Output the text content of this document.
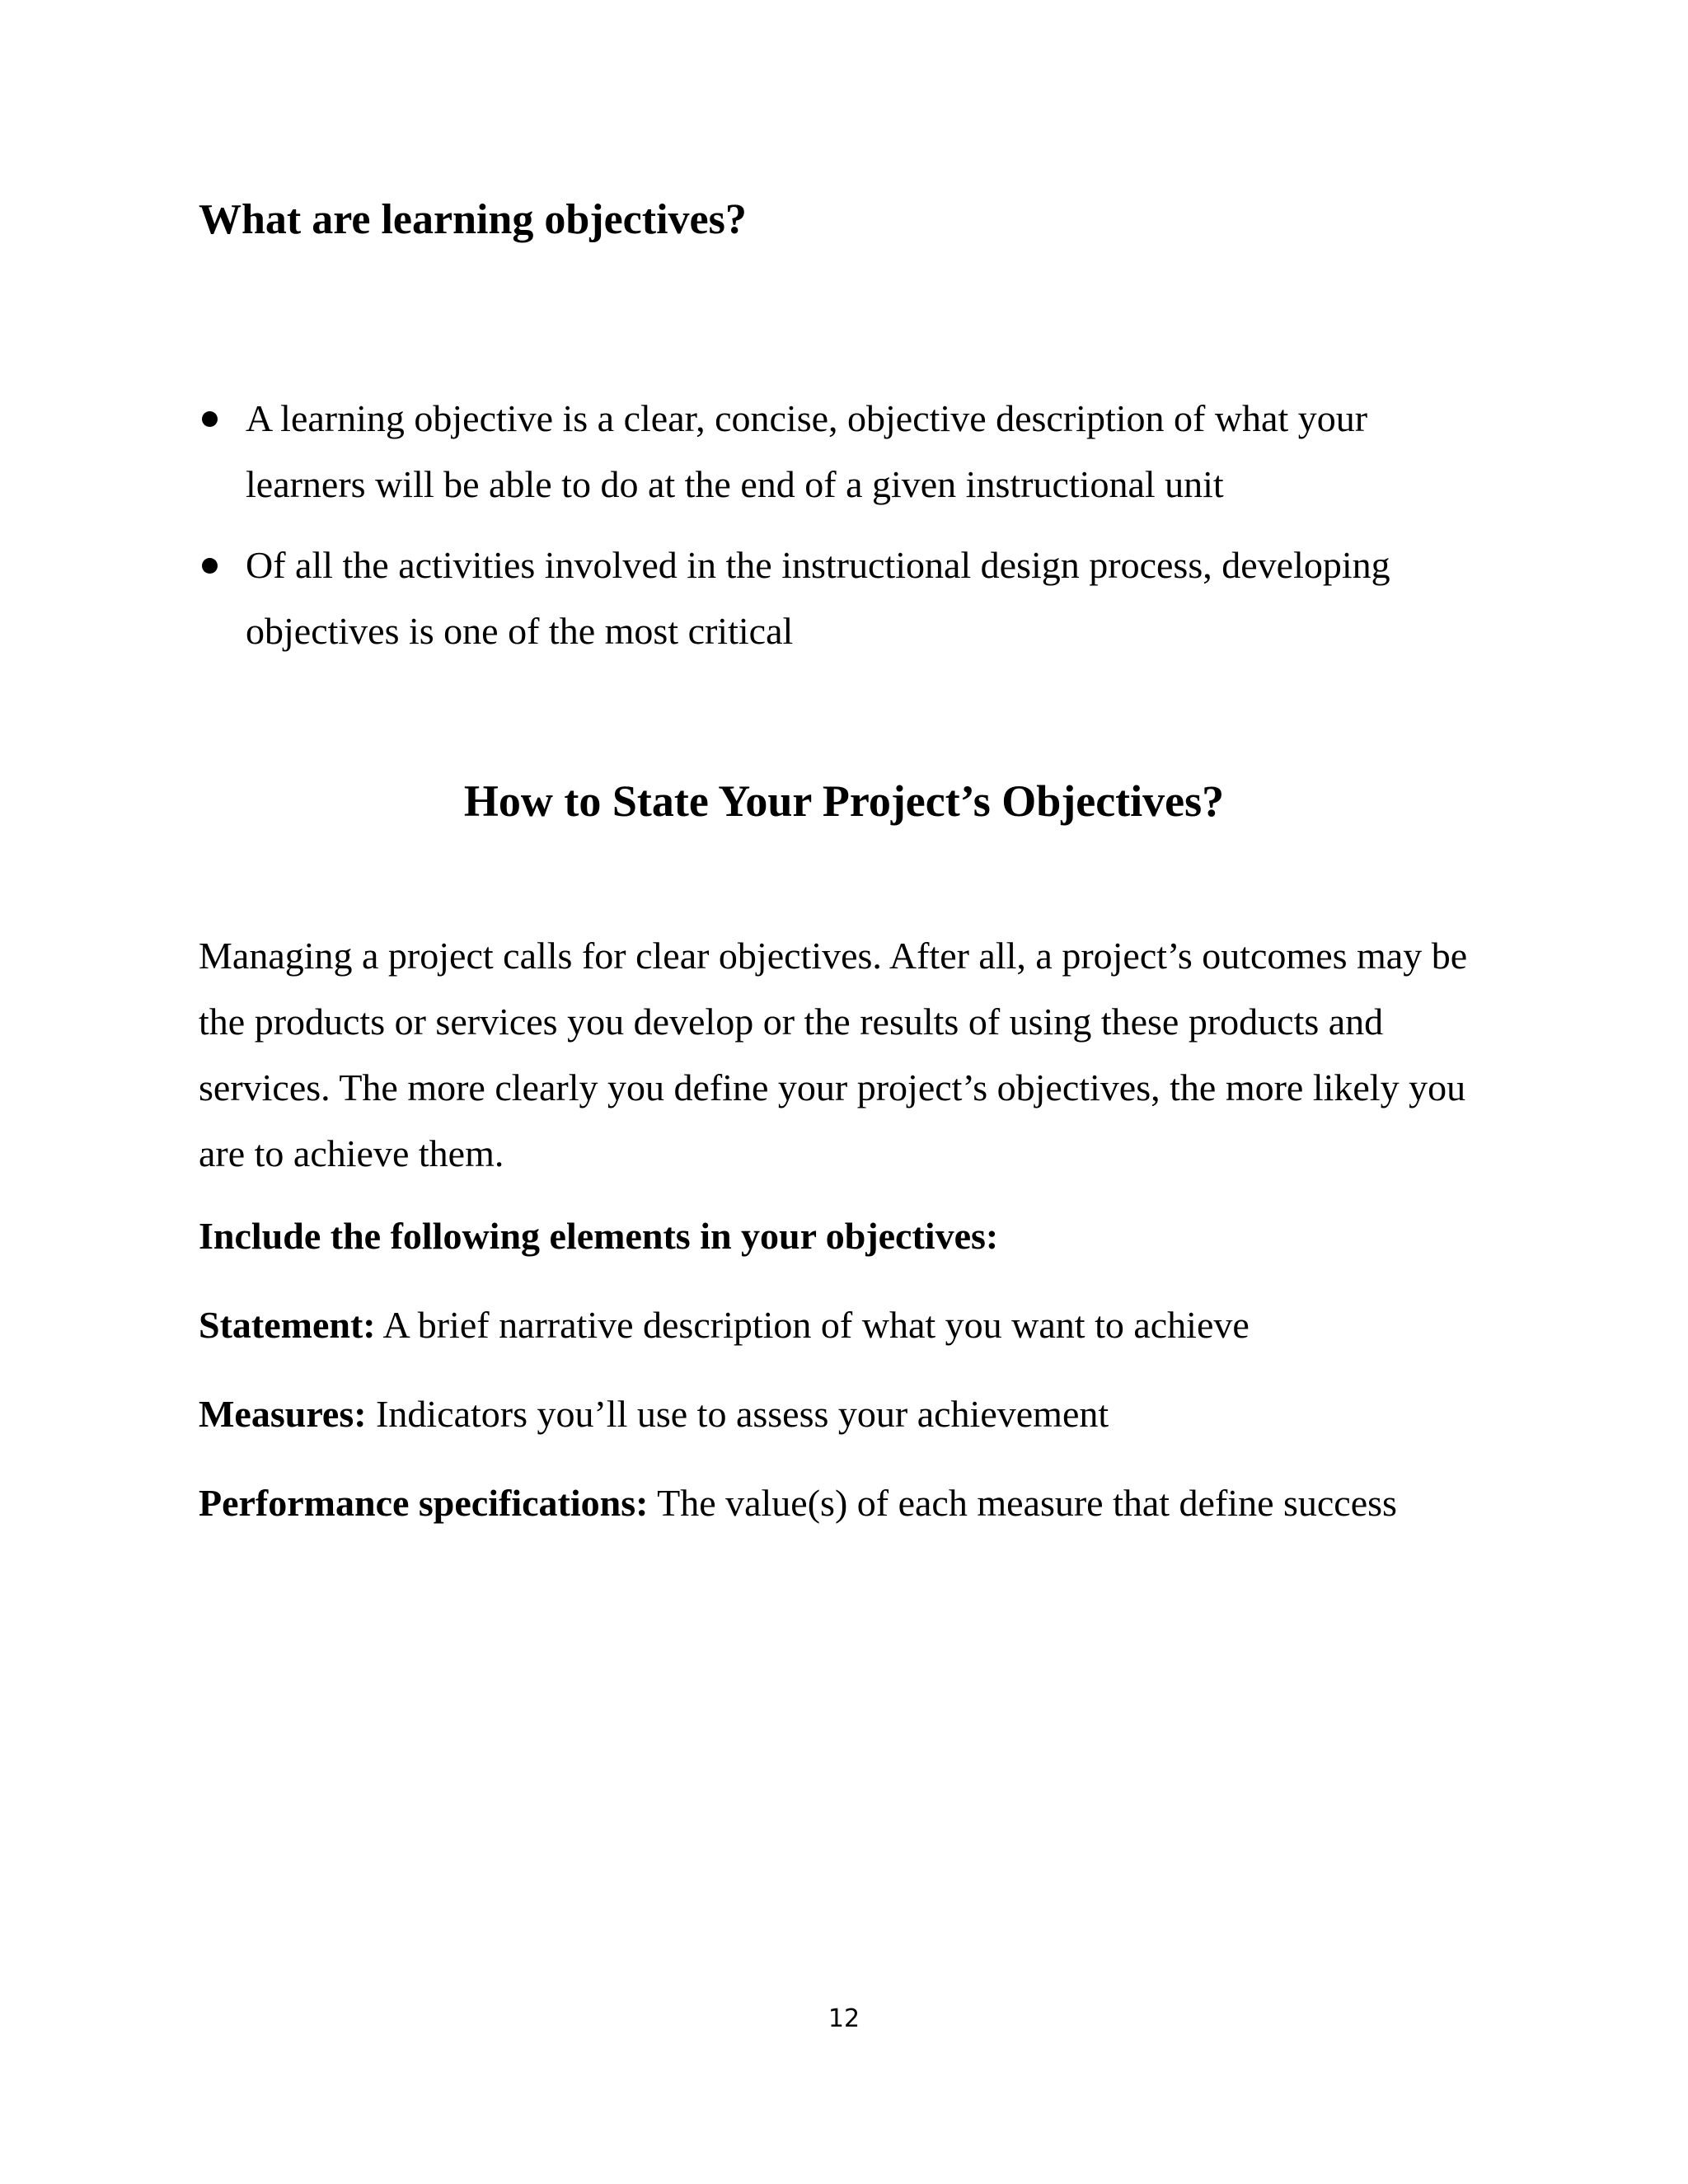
What are learning objectives?
A learning objective is a clear, concise, objective description of what your learners will be able to do at the end of a given instructional unit
Of all the activities involved in the instructional design process, developing objectives is one of the most critical
How to State Your Project’s Objectives?

Managing a project calls for clear objectives. After all, a project’s outcomes may be the products or services you develop or the results of using these products and services. The more clearly you define your project’s objectives, the more likely you are to achieve them.

Include the following elements in your objectives:

Statement: A brief narrative description of what you want to achieve

Measures: Indicators you’ll use to assess your achievement

Performance specifications: The value(s) of each measure that define success

12
